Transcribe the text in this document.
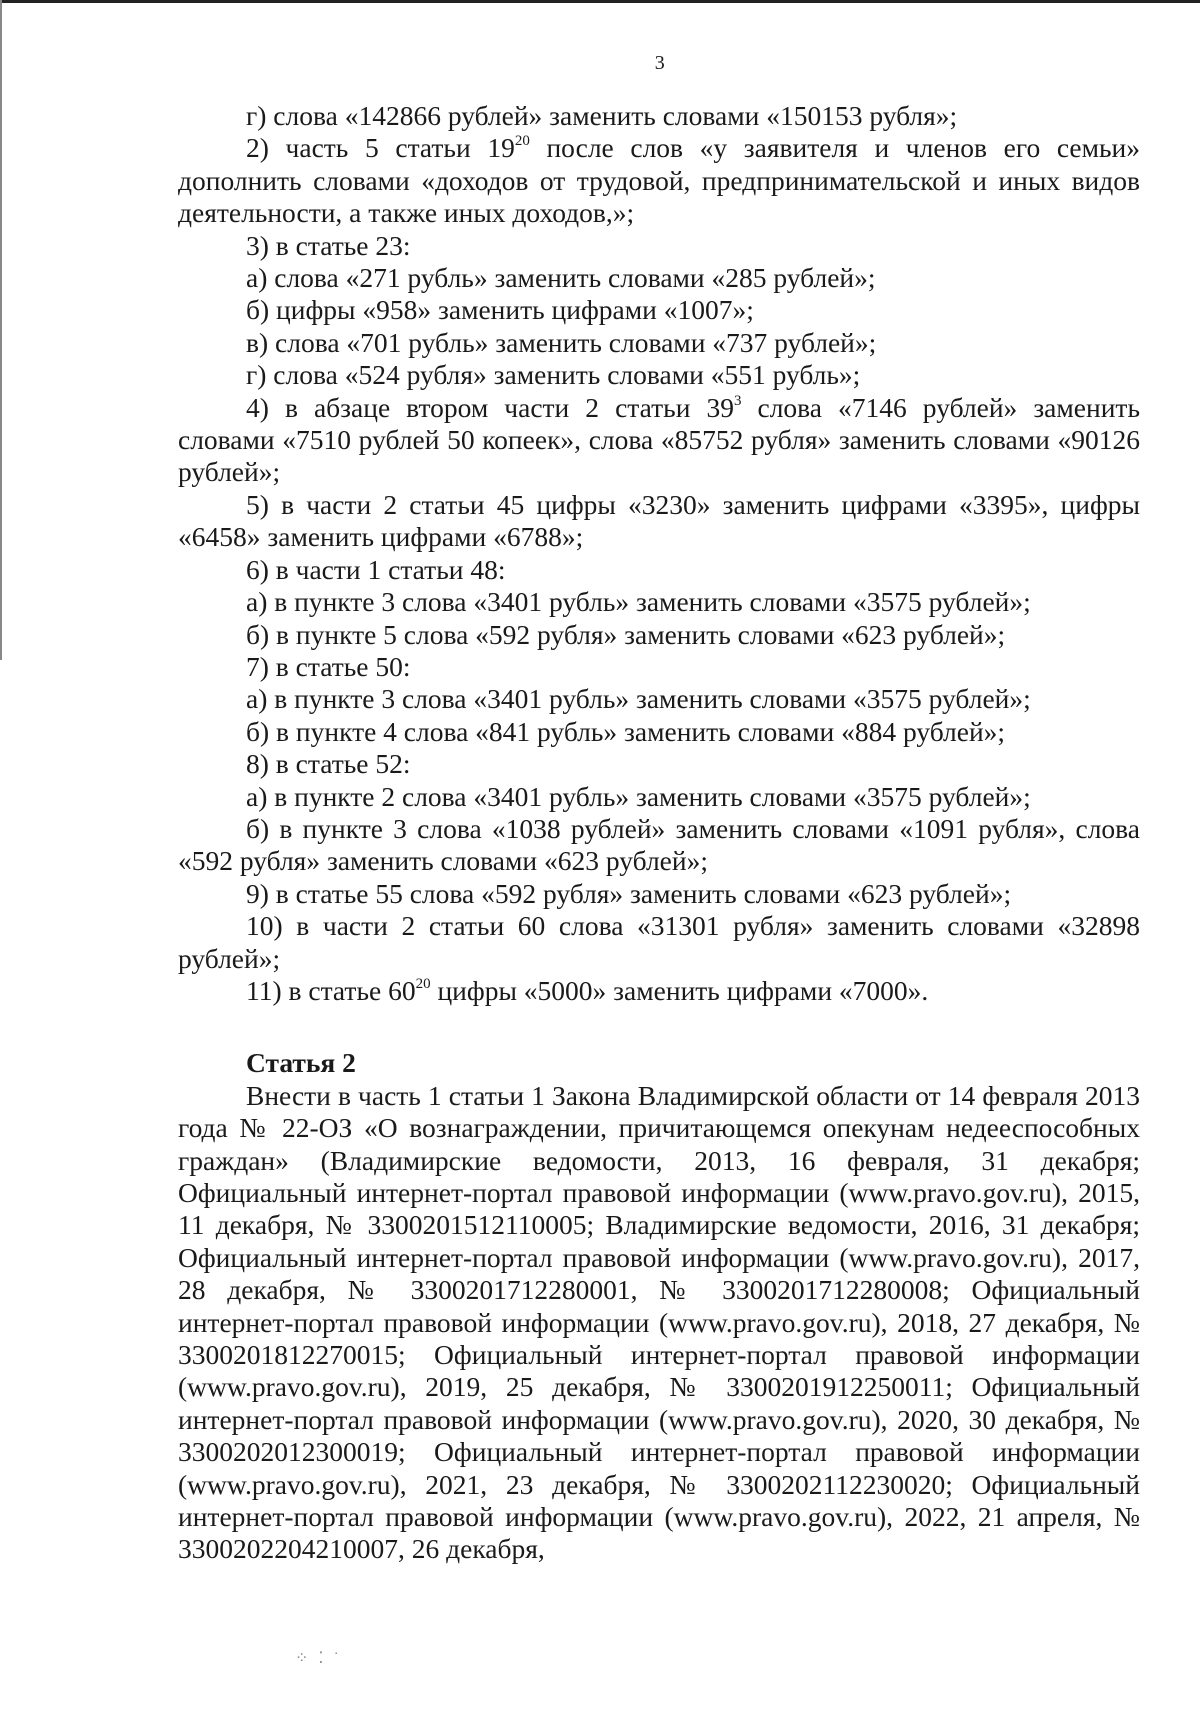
3

г) слова «142866 рублей» заменить словами «150153 рубля»;

2) часть 5 статьи $19^{20}$ после слов «у заявителя и членов его семьи» дополнить словами «доходов от трудовой, предпринимательской и иных видов деятельности, а также иных доходов,»;

3) в статье 23:

а) слова «271 рубль» заменить словами «285 рублей»;

б) цифры «958» заменить цифрами «1007»;

в) слова «701 рубль» заменить словами «737 рублей»;

г) слова «524 рубля» заменить словами «551 рубль»;

4) в абзаце втором части 2 статьи $39^3$ слова «7146 рублей» заменить словами «7510 рублей 50 копеек», слова «85752 рубля» заменить словами «90126 рублей»;

5) в части 2 статьи 45 цифры «3230» заменить цифрами «3395», цифры «6458» заменить цифрами «6788»;

6) в части 1 статьи 48:

а) в пункте 3 слова «3401 рубль» заменить словами «3575 рублей»;

б) в пункте 5 слова «592 рубля» заменить словами «623 рублей»;

7) в статье 50:

а) в пункте 3 слова «3401 рубль» заменить словами «3575 рублей»;

б) в пункте 4 слова «841 рубль» заменить словами «884 рублей»;

8) в статье 52:

а) в пункте 2 слова «3401 рубль» заменить словами «3575 рублей»;

б) в пункте 3 слова «1038 рублей» заменить словами «1091 рубля», слова «592 рубля» заменить словами «623 рублей»;

9) в статье 55 слова «592 рубля» заменить словами «623 рублей»;

10) в части 2 статьи 60 слова «31301 рубля» заменить словами «32898 рублей»;

11) в статье $60^{20}$ цифры «5000» заменить цифрами «7000».

Статья 2

Внести в часть 1 статьи 1 Закона Владимирской области от 14 февраля 2013 года № 22-ОЗ «О вознаграждении, причитающемся опекунам недееспособных граждан» (Владимирские ведомости, 2013, 16 февраля, 31 декабря; Официальный интернет-портал правовой информации (www.pravo.gov.ru), 2015, 11 декабря, № 3300201512110005; Владимирские ведомости, 2016, 31 декабря; Официальный интернет-портал правовой информации (www.pravo.gov.ru), 2017, 28 декабря, № 3300201712280001, № 3300201712280008; Официальный интернет-портал правовой информации (www.pravo.gov.ru), 2018, 27 декабря, № 3300201812270015; Официальный интернет-портал правовой информации (www.pravo.gov.ru), 2019, 25 декабря, № 3300201912250011; Официальный интернет-портал правовой информации (www.pravo.gov.ru), 2020, 30 декабря, № 3300202012300019; Официальный интернет-портал правовой информации (www.pravo.gov.ru), 2021, 23 декабря, № 3300202112230020; Официальный интернет-портал правовой информации (www.pravo.gov.ru), 2022, 21 апреля, № 3300202204210007, 26 декабря,

⁘ ⁚ ˙
